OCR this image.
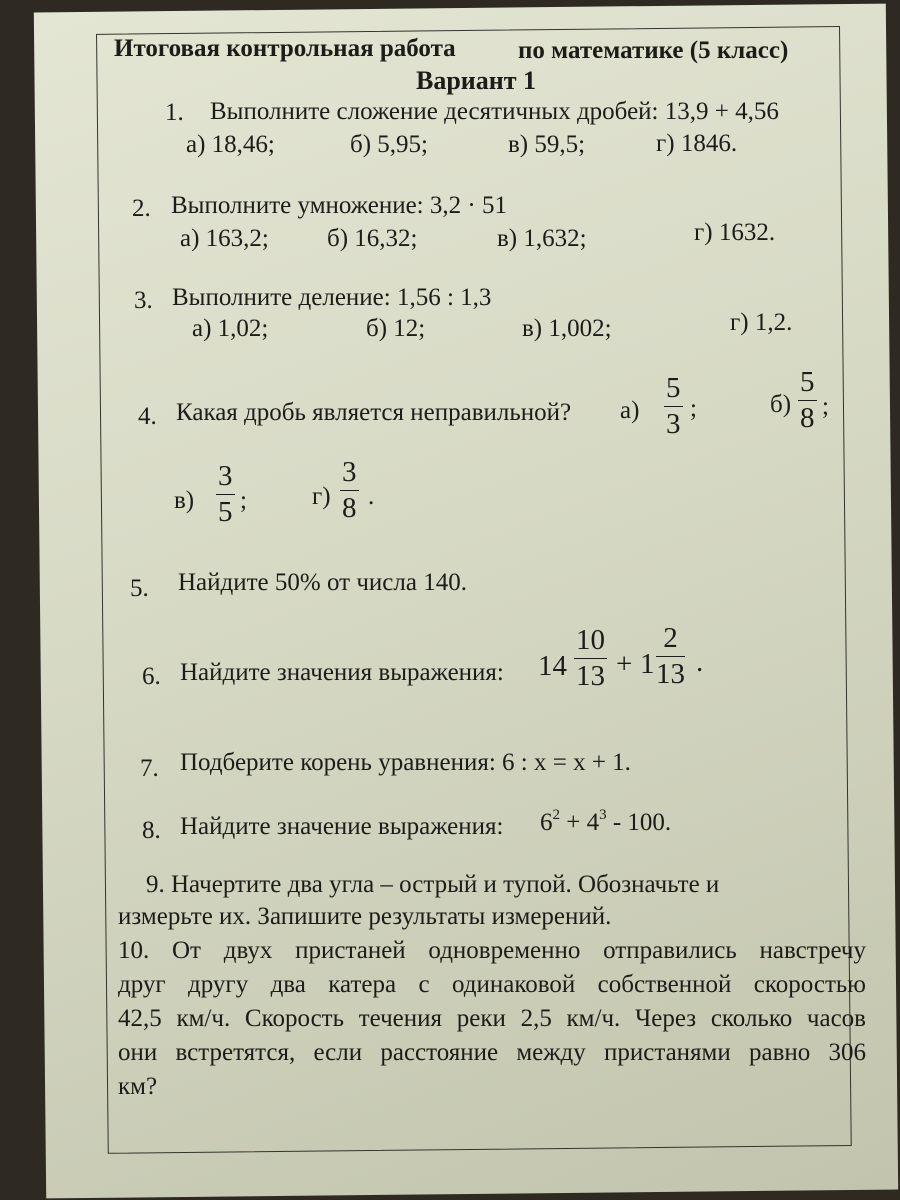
Итоговая контрольная работа по математике (5 класс)
Вариант 1
1. Выполните сложение десятичных дробей: 13,9 + 4,56
а) 18,46;	б) 5,95;	в) 59,5;	г) 1846.
2. Выполните умножение: 3,2 · 51
а) 163,2; б) 16,32;	в) 1,632;	г) 1632.
3. Выполните деление: 1,56 : 1,3
а) 1,02;	б) 12;	в) 1,002;	г) 1,2.
4. Какая дробь является неправильной? $а) \frac{5}{3}$ ;	$б) \frac{5}{8}$ ;
$в) \frac{3}{5}$ ;	$г) \frac{3}{8}$ .
5. Найдите 50% от числа 140.
6. Найдите значения выражения: $14 \frac{10}{13} + 1 \frac{2}{13}$ .
7. Подберите корень уравнения: 6 : x = x + 1.
8. Найдите значение выражения: $6^2 + 4^3 - 100$.
9. Начертите два угла – острый и тупой. Обозначьте и
измерьте их. Запишите результаты измерений.
10. От двух пристаней одновременно отправились навстречу
друг другу два катера с одинаковой собственной скоростью
42,5 км/ч. Скорость течения реки 2,5 км/ч. Через сколько часов
они встретятся, если расстояние между пристанями равно 306
км?
